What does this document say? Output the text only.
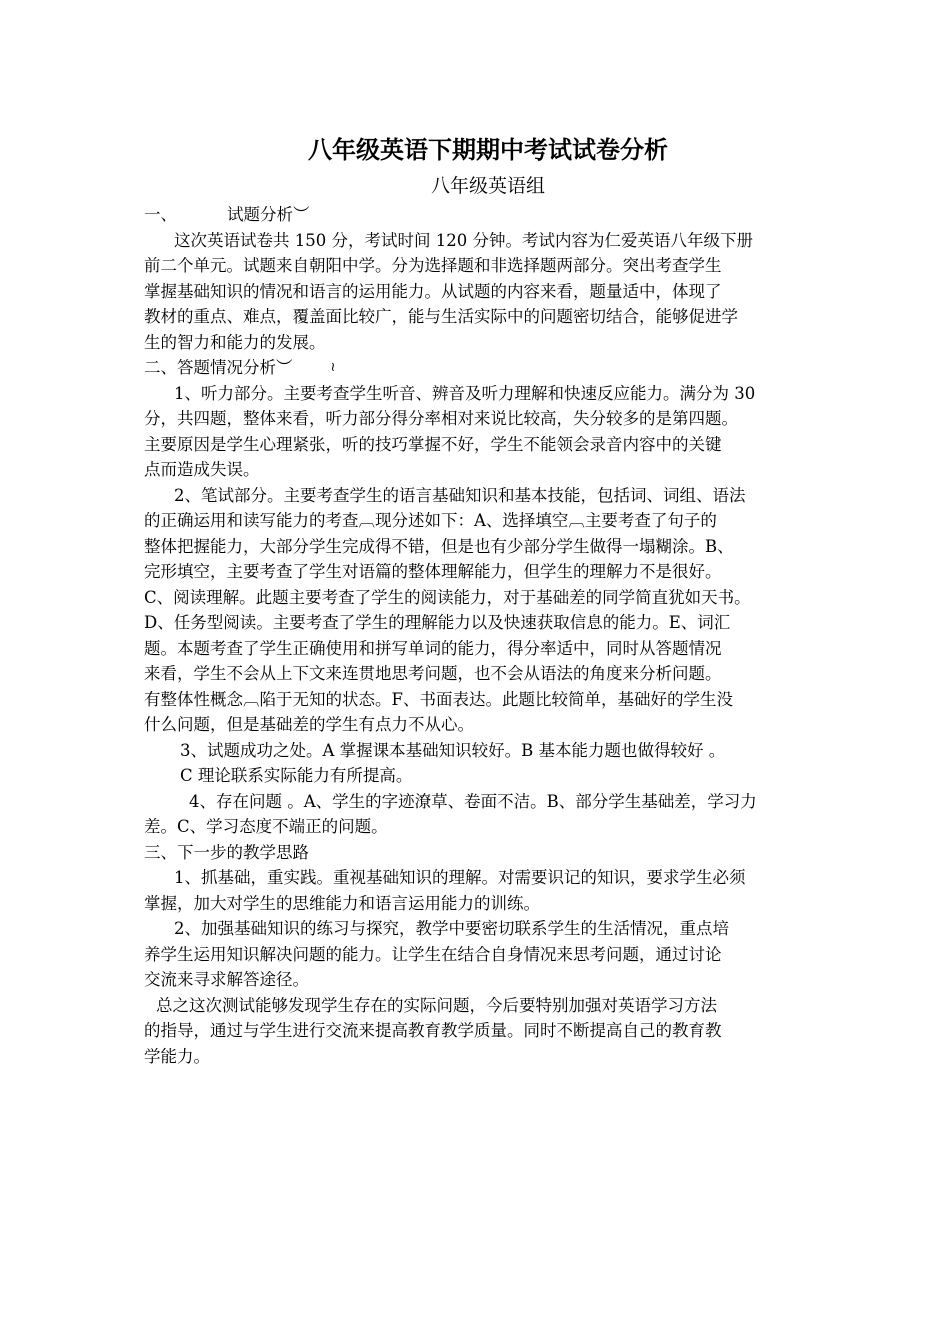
八年级英语下期期中考试试卷分析

八年级英语组

一、	试题分析︶

这次英语试卷共 150 分，考试时间 120 分钟。考试内容为仁爱英语八年级下册

前二个单元。试题来自朝阳中学。分为选择题和非选择题两部分。突出考查学生

掌握基础知识的情况和语言的运用能力。从试题的内容来看，题量适中，体现了

教材的重点、难点，覆盖面比较广，能与生活实际中的问题密切结合，能够促进学

生的智力和能力的发展。

二、答题情况分析︶	≀

1、听力部分。主要考查学生听音、辨音及听力理解和快速反应能力。满分为 30

分，共四题，整体来看，听力部分得分率相对来说比较高，失分较多的是第四题。

主要原因是学生心理紧张，听的技巧掌握不好，学生不能领会录音内容中的关键

点而造成失误。

2、笔试部分。主要考查学生的语言基础知识和基本技能，包括词、词组、语法

的正确运用和读写能力的考查︹现分述如下：A、选择填空︹主要考查了句子的

整体把握能力，大部分学生完成得不错，但是也有少部分学生做得一塌糊涂。B、

完形填空，主要考查了学生对语篇的整体理解能力，但学生的理解力不是很好。

C、阅读理解。此题主要考查了学生的阅读能力，对于基础差的同学简直犹如天书。

D、任务型阅读。主要考查了学生的理解能力以及快速获取信息的能力。E、词汇

题。本题考查了学生正确使用和拼写单词的能力，得分率适中，同时从答题情况

来看，学生不会从上下文来连贯地思考问题，也不会从语法的角度来分析问题。

有整体性概念︹陷于无知的状态。F、书面表达。此题比较简单，基础好的学生没

什么问题，但是基础差的学生有点力不从心。

3、试题成功之处。A 掌握课本基础知识较好。B 基本能力题也做得较好 。

C 理论联系实际能力有所提高。

4、存在问题 。A、学生的字迹潦草、卷面不洁。B、部分学生基础差，学习力

差。C、学习态度不端正的问题。

三、下一步的教学思路

1、抓基础，重实践。重视基础知识的理解。对需要识记的知识，要求学生必须

掌握，加大对学生的思维能力和语言运用能力的训练。

2、加强基础知识的练习与探究，教学中要密切联系学生的生活情况，重点培

养学生运用知识解决问题的能力。让学生在结合自身情况来思考问题，通过讨论

交流来寻求解答途径。

总之这次测试能够发现学生存在的实际问题，今后要特别加强对英语学习方法

的指导，通过与学生进行交流来提高教育教学质量。同时不断提高自己的教育教

学能力。
